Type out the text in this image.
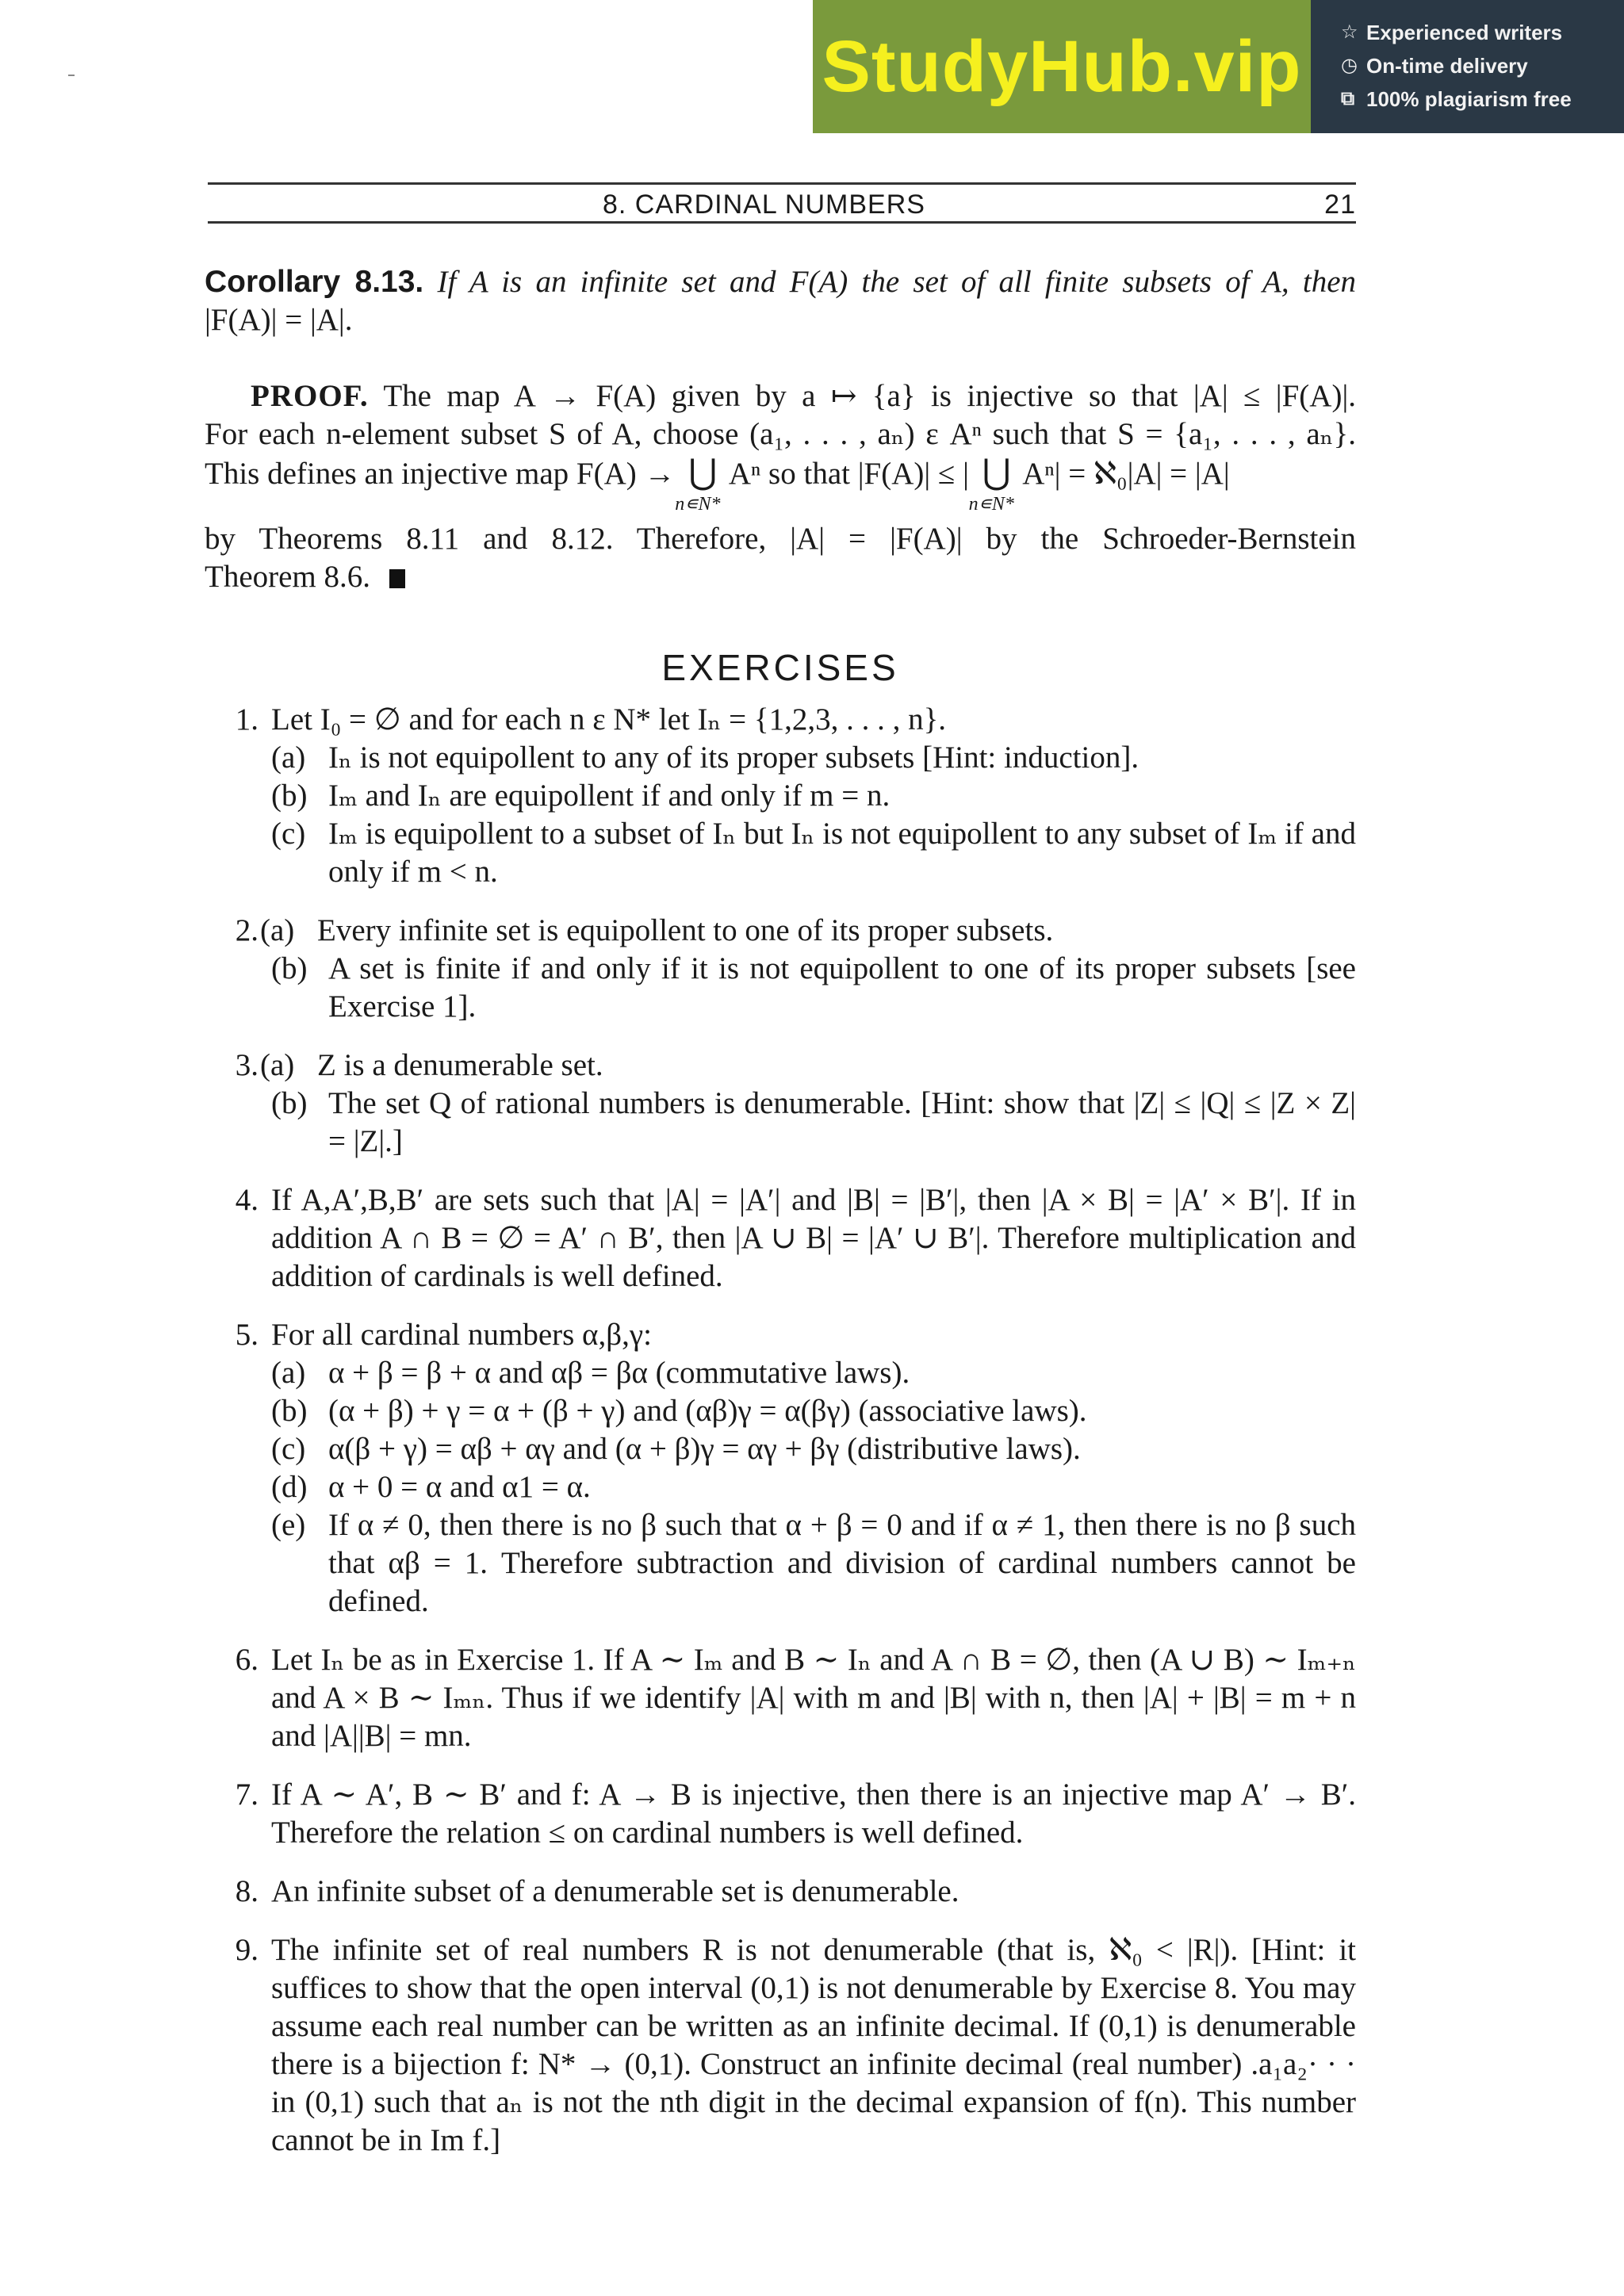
StudyHub.vip ☆ Experienced writers
◷ On-time delivery
⧉ 100% plagiarism free
8. CARDINAL NUMBERS	21

Corollary 8.13. If A is an infinite set and F(A) the set of all finite subsets of A, then

|F(A)| = |A|.

PROOF. The map A → F(A) given by a ↦ {a} is injective so that |A| ≤ |F(A)|.

For each n-element subset S of A, choose (a₁, . . . , aₙ) ε Aⁿ such that S = {a₁, . . . , aₙ}.

This defines an injective map F(A) → ⋃
n∊N*
Aⁿ so that |F(A)| ≤ | ⋃
n∊N*
Aⁿ| = ℵ₀|A| = |A|

by Theorems 8.11 and 8.12. Therefore, |A| = |F(A)| by the Schroeder-Bernstein

Theorem 8.6.

EXERCISES
1. Let I₀ = ∅ and for each n ε N* let Iₙ = {1,2,3, . . . , n}.

(a) Iₙ is not equipollent to any of its proper subsets [Hint: induction].
(b) Iₘ and Iₙ are equipollent if and only if m = n.
(c) Iₘ is equipollent to a subset of Iₙ but Iₙ is not equipollent to any subset of Iₘ if and only if m < n.
2. (a) Every infinite set is equipollent to one of its proper subsets.
(b) A set is finite if and only if it is not equipollent to one of its proper subsets [see Exercise 1].
3. (a) Z is a denumerable set.
(b) The set Q of rational numbers is denumerable. [Hint: show that |Z| ≤ |Q| ≤ |Z × Z| = |Z|.]
4. If A,A′,B,B′ are sets such that |A| = |A′| and |B| = |B′|, then |A × B| = |A′ × B′|. If in addition A ∩ B = ∅ = A′ ∩ B′, then |A ∪ B| = |A′ ∪ B′|. Therefore multiplication and addition of cardinals is well defined.

5. For all cardinal numbers α,β,γ:

(a) α + β = β + α and αβ = βα (commutative laws).
(b) (α + β) + γ = α + (β + γ) and (αβ)γ = α(βγ) (associative laws).
(c) α(β + γ) = αβ + αγ and (α + β)γ = αγ + βγ (distributive laws).
(d) α + 0 = α and α1 = α.
(e) If α ≠ 0, then there is no β such that α + β = 0 and if α ≠ 1, then there is no β such that αβ = 1. Therefore subtraction and division of cardinal numbers cannot be defined.
6. Let Iₙ be as in Exercise 1. If A ∼ Iₘ and B ∼ Iₙ and A ∩ B = ∅, then (A ∪ B) ∼ Iₘ₊ₙ and A × B ∼ Iₘₙ. Thus if we identify |A| with m and |B| with n, then |A| + |B| = m + n and |A||B| = mn.

7. If A ∼ A′, B ∼ B′ and f: A → B is injective, then there is an injective map A′ → B′. Therefore the relation ≤ on cardinal numbers is well defined.

8. An infinite subset of a denumerable set is denumerable.

9. The infinite set of real numbers R is not denumerable (that is, ℵ₀ < |R|). [Hint: it suffices to show that the open interval (0,1) is not denumerable by Exercise 8. You may assume each real number can be written as an infinite decimal. If (0,1) is denumerable there is a bijection f: N* → (0,1). Construct an infinite decimal (real number) .a₁a₂· · · in (0,1) such that aₙ is not the nth digit in the decimal expansion of f(n). This number cannot be in Im f.]
